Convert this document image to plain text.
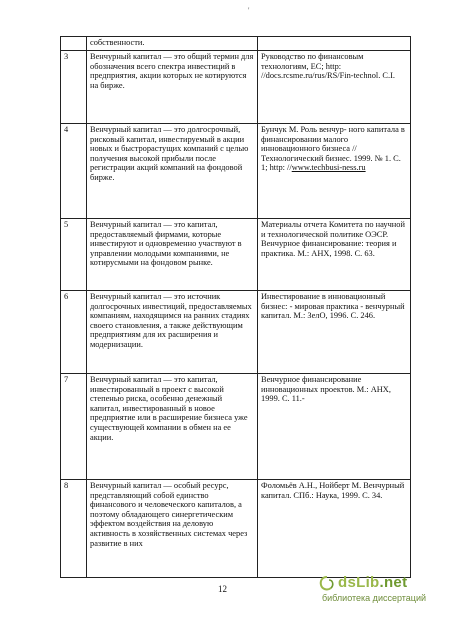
'
	собственности.	
3	Венчурный капитал — это общий термин для обозначения всего спектра инвестиций в предприятия, акции которых не котируются на бирже.	Руководство по финансовым технологиям, ЕС; http: //docs.rcsme.ru/rus/RS/Fin-technol. C.I.
4	Венчурный капитал — это долгосрочный, рисковый капитал, инвестируемый в акции новых и быстрорастущих компаний с целью получения высокой прибыли после регистрации акций компаний на фондовой бирже.	Бунчук М. Роль венчур- ного капитала в финансировании малого инновационного бизнеса // Технологический бизнес. 1999. № 1. С. 1; http: //www.techbusi-ness.ru
5	Венчурный капитал — это капитал, предоставляемый фирмами, которые инвестируют и одновременно участвуют в управлении молодыми компаниями, не котирусмыми на фондовом рынке.	Материалы отчета Комитета по научной и технологической политике ОЭСР. Венчурное финансирование: теория и практика. М.: АНХ, 1998. С. 63.
6	Венчурный капитал — это источник долгосрочных инвестиций, предоставляемых компаниям, находящимся на ранних стадиях своего становления, а также действующим предприятиям для их расширения и модернизации.	Инвестирование в инновационный бизнес: - мировая практика - венчурный капитал. М.: ЗелО, 1996. С. 246.
7	Венчурный капитал — это капитал, инвестированный в проект с высокой степенью риска, особенно денежный капитал, инвестированный в новое предприятие или в расширение бизнеса уже существующей компании в обмен на ее акции.	Венчурное финансирование инновационных проектов. М.: АНХ, 1999. С. 11.-
8	Венчурный капитал — особый ресурс, представляющий собой единство финансового и человеческого капиталов, а поэтому обладающего синергетическим эффектом воздействия на деловую активность в хозяйственных системах через развитие в них	Фоломьёв А.Н., Нойберт М. Венчурный капитал. СПб.: Наука, 1999. С. 34.
12	dsLib.net
библиотека диссертаций
